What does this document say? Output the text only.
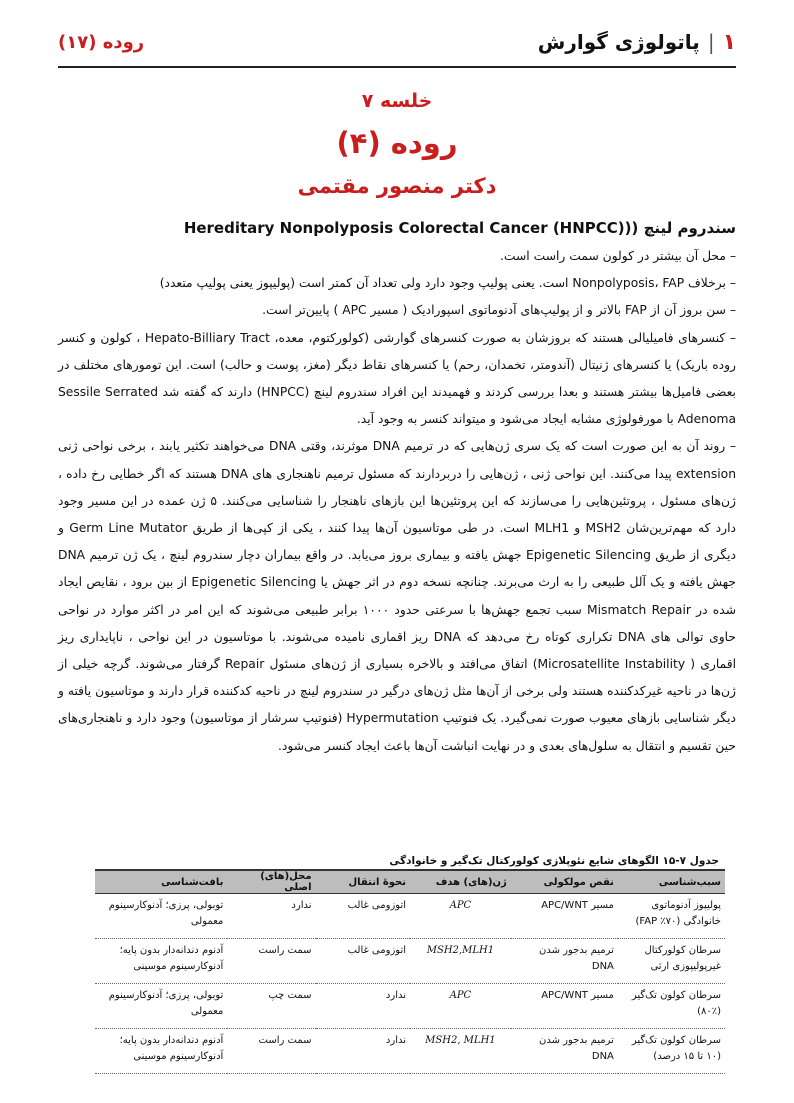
۱
|
پاتولوژی گوارش
روده (۱۷)
خلسه ۷
روده (۴)
دکتر منصور مقتمی
سندروم لینچ ((Hereditary Nonpolyposis Colorectal Cancer (HNPCC)

– محل آن بیشتر در کولون سمت راست است.

– برخلاف Nonpolyposis، FAP است. یعنی پولیپ وجود دارد ولی تعداد آن کمتر است (پولیپوز یعنی پولیپ متعدد)

– سن بروز آن از FAP بالاتر و از پولیپ‌های آدنوماتوی اسپورادیک ( مسیر APC ) پایین‌تر است.

– کنسرهای فامیلیالی هستند که بروزشان به صورت کنسرهای گوارشی (کولورکتوم، معده، Hepato-Billiary Tract ، کولون و کنسر روده باریک) یا کنسرهای ژنیتال (آندومتر، تخمدان، رحم) یا کنسرهای نقاط دیگر (مغز، پوست و حالب) است. این تومورهای مختلف در بعضی فامیل‌ها بیشتر هستند و بعدا بررسی کردند و فهمیدند این افراد سندروم لینچ (HNPCC) دارند که گفته شد Sessile Serrated Adenoma با مورفولوژی مشابه ایجاد می‌شود و میتواند کنسر به وجود آید.

– روند آن به این صورت است که یک سری ژن‌هایی که در ترمیم DNA موثرند، وقتی DNA می‌خواهند تکثیر یابند ، برخی نواحی ژنی extension پیدا می‌کنند. این نواحی ژنی ، ژن‌هایی را دربردارند که مسئول ترمیم ناهنجاری های DNA هستند که اگر خطایی رخ داده ، ژن‌های مسئول ، پروتئین‌هایی را می‌سازند که این پروتئین‌ها این بازهای ناهنجار را شناسایی می‌کنند. ۵ ژن عمده در این مسیر وجود دارد که مهم‌ترین‌شان MSH2 و MLH1 است. در طی موتاسیون آن‌ها پیدا کنند ، یکی از کپی‌ها از طریق Germ Line Mutator و دیگری از طریق Epigenetic Silencing جهش یافته و بیماری بروز می‌یابد. در واقع بیماران دچار سندروم لینچ ، یک ژن ترمیم DNA جهش یافته و یک آلل طبیعی را به ارث می‌برند. چنانچه نسخه دوم در اثر جهش یا Epigenetic Silencing از بین برود ، نقایص ایجاد شده در Mismatch Repair سبب تجمع جهش‌ها با سرعتی حدود ۱۰۰۰ برابر طبیعی می‌شوند که این امر در اکثر موارد در نواحی حاوی توالی های DNA تکراری کوتاه رخ می‌دهد که DNA ریز اقماری نامیده می‌شوند. با موتاسیون در این نواحی ، ناپایداری ریز اقماری ( Microsatellite Instability) اتفاق می‌افتد و بالاخره بسیاری از ژن‌های مسئول Repair گرفتار می‌شوند. گرچه خیلی از ژن‌ها در ناحیه غیرکدکننده هستند ولی برخی از آن‌ها مثل ژن‌های درگیر در سندروم لینچ در ناحیه کدکننده قرار دارند و موتاسیون یافته و دیگر شناسایی بازهای معیوب صورت نمی‌گیرد. یک فنوتیپ Hypermutation (فنوتیپ سرشار از موتاسیون) وجود دارد و ناهنجاری‌های حین تقسیم و انتقال به سلول‌های بعدی و در نهایت انباشت آن‌ها باعث ایجاد کنسر می‌شود.

جدول ۷-۱۵ الگوهای شایع نئوپلازی کولورکتال تک‌گیر و خانوادگی
سبب‌شناسی	نقص مولکولی	ژن(های) هدف	نحوهٔ انتقال	محل(های) اصلی	بافت‌شناسی
پولیپوز آدنوماتوی خانوادگی (FAP ٪۷۰)	مسیر APC/WNT	APC	اتوزومی غالب	ندارد	توبولی، پرزی؛ آدنوکارسینوم معمولی
سرطان کولورکتال غیرپولیپوزی ارثی	ترمیم بدجور شدن DNA	MSH2,MLH1	اتوزومی غالب	سمت راست	آدنوم دندانه‌دار بدون پایه؛ آدنوکارسینوم موسینی
سرطان کولون تک‌گیر (٪۸۰)	مسیر APC/WNT	APC	ندارد	سمت چپ	توبولی، پرزی؛ آدنوکارسینوم معمولی
سرطان کولون تک‌گیر (۱۰ تا ۱۵ درصد)	ترمیم بدجور شدن DNA	MSH2, MLH1	ندارد	سمت راست	آدنوم دندانه‌دار بدون پایه؛ آدنوکارسینوم موسینی
